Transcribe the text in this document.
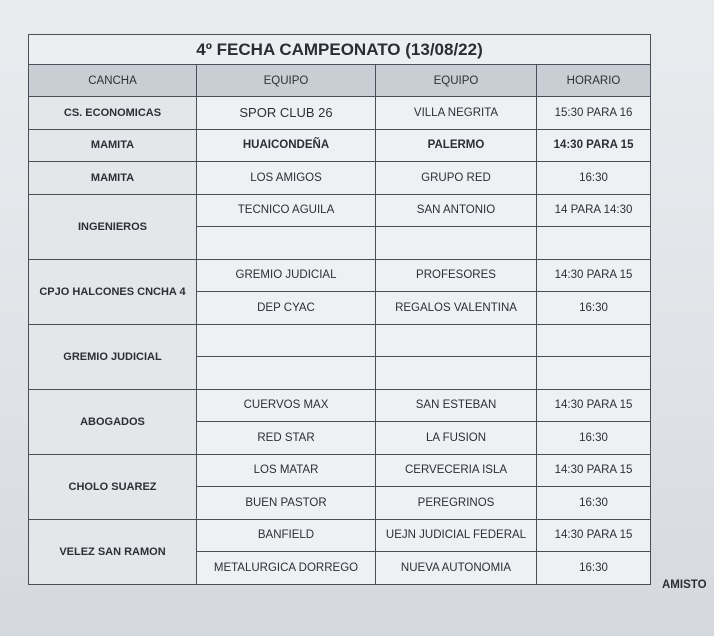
4º FECHA CAMPEONATO (13/08/22)			
CANCHA	EQUIPO	EQUIPO	HORARIO
CS. ECONOMICAS	SPOR CLUB 26	VILLA NEGRITA	15:30 PARA 16
MAMITA	HUAICONDEÑA	PALERMO	14:30 PARA 15
MAMITA	LOS AMIGOS	GRUPO RED	16:30
INGENIEROS	TECNICO AGUILA	SAN ANTONIO	14 PARA 14:30

CPJO HALCONES CNCHA 4	GREMIO JUDICIAL	PROFESORES	14:30 PARA 15
	DEP CYAC	REGALOS VALENTINA	16:30
GREMIO JUDICIAL			

ABOGADOS	CUERVOS MAX	SAN ESTEBAN	14:30 PARA 15
	RED STAR	LA FUSION	16:30
CHOLO SUAREZ	LOS MATAR	CERVECERIA ISLA	14:30 PARA 15
	BUEN PASTOR	PEREGRINOS	16:30
VELEZ SAN RAMON	BANFIELD	UEJN JUDICIAL FEDERAL	14:30 PARA 15
	METALURGICA DORREGO	NUEVA AUTONOMIA	16:30
AMISTO
